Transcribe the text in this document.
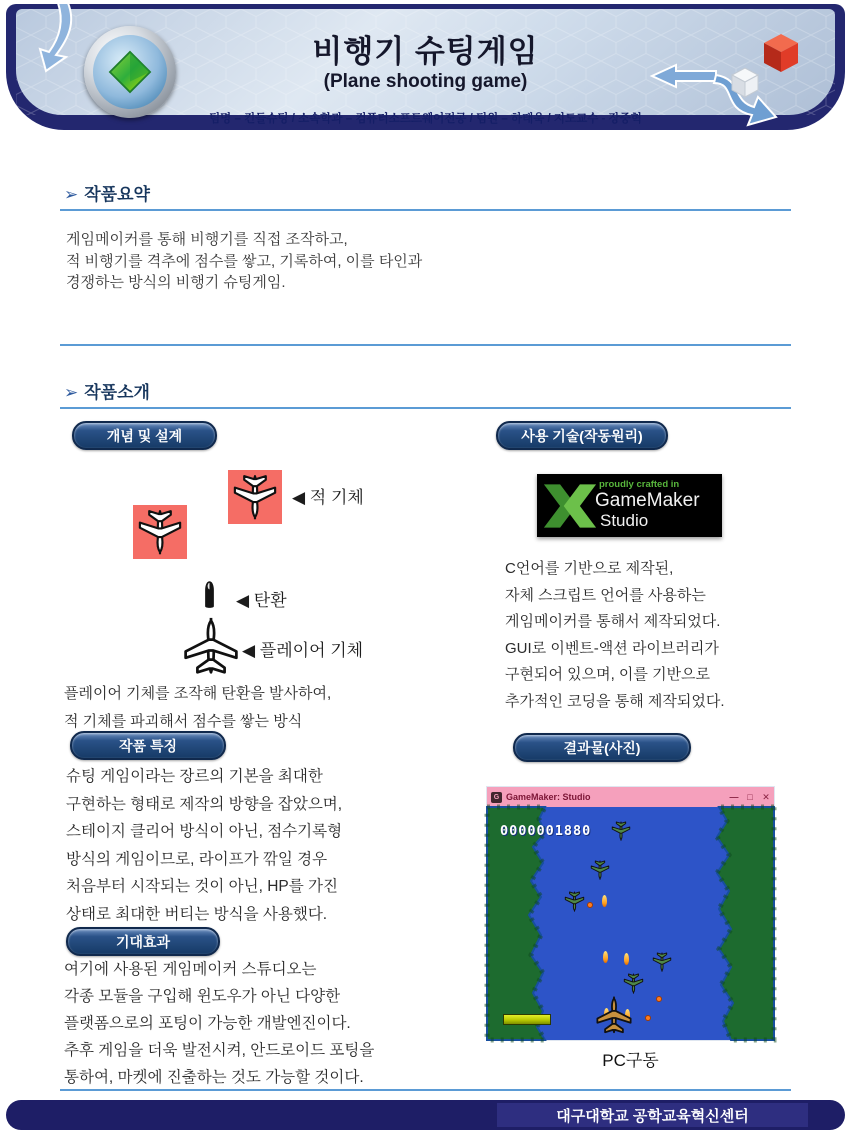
비행기 슈팅게임
(Plane shooting game)
팀명 – 킨들슈팅 / 소속학과 – 컴퓨터소프트웨어전공 / 팀원 – 하태욱 / 지도교수 - 장중혁
➢ 작품요약
게임메이커를 통해 비행기를 직접 조작하고,
적 비행기를 격추에 점수를 쌓고, 기록하여, 이를 타인과
경쟁하는 방식의 비행기 슈팅게임.
➢ 작품소개
개념 및 설계
◀ 적 기체
◀ 탄환
◀ 플레이어 기체
플레이어 기체를 조작해 탄환을 발사하여,
적 기체를 파괴해서 점수를 쌓는 방식
작품 특징
슈팅 게임이라는 장르의 기본을 최대한
구현하는 형태로 제작의 방향을 잡았으며,
스테이지 클리어 방식이 아닌, 점수기록형
방식의 게임이므로, 라이프가 깎일 경우
처음부터 시작되는 것이 아닌, HP를 가진
상태로 최대한 버티는 방식을 사용했다.
기대효과
여기에 사용된 게임메이커 스튜디오는
각종 모듈을 구입해 윈도우가 아닌 다양한
플랫폼으로의 포팅이 가능한 개발엔진이다.
추후 게임을 더욱 발전시켜, 안드로이드 포팅을
통하여, 마켓에 진출하는 것도 가능할 것이다.
사용 기술(작동원리)
proudly crafted in
GameMaker
Studio
C언어를 기반으로 제작된,
자체 스크립트 언어를 사용하는
게임메이커를 통해서 제작되었다.
GUI로 이벤트-액션 라이브러리가
구현되어 있으며, 이를 기반으로
추가적인 코딩을 통해 제작되었다.
결과물(사진)
G GameMaker: Studio	— □	✕
0000001880
PC구동
대구대학교 공학교육혁신센터
